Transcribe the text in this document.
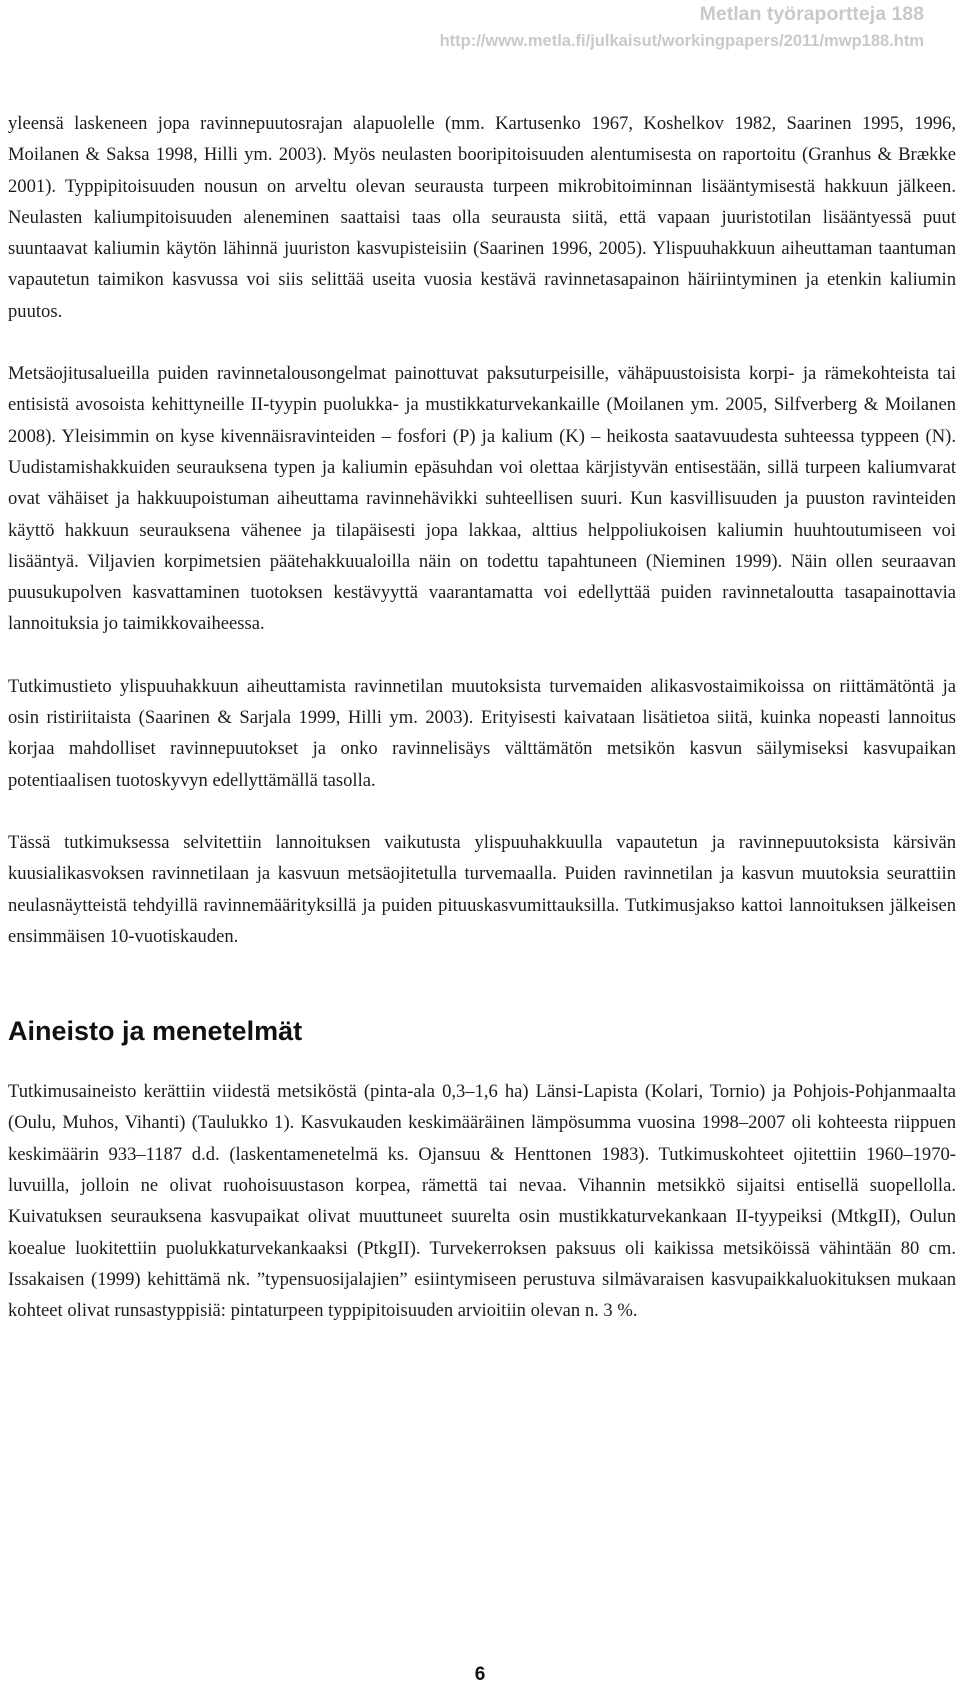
Metlan työraportteja 188
http://www.metla.fi/julkaisut/workingpapers/2011/mwp188.htm

yleensä laskeneen jopa ravinnepuutosrajan alapuolelle (mm. Kartusenko 1967, Koshelkov 1982, Saarinen 1995, 1996, Moilanen & Saksa 1998, Hilli ym. 2003). Myös neulasten booripitoisuuden alentumisesta on raportoitu (Granhus & Brække 2001). Typpipitoisuuden nousun on arveltu olevan seurausta turpeen mikrobitoiminnan lisääntymisestä hakkuun jälkeen. Neulasten kaliumpitoisuuden aleneminen saattaisi taas olla seurausta siitä, että vapaan juuristotilan lisääntyessä puut suuntaavat kaliumin käytön lähinnä juuriston kasvupisteisiin (Saarinen 1996, 2005). Ylispuuhakkuun aiheuttaman taantuman vapautetun taimikon kasvussa voi siis selittää useita vuosia kestävä ravinnetasapainon häiriintyminen ja etenkin kaliumin puutos.

Metsäojitusalueilla puiden ravinnetalousongelmat painottuvat paksuturpeisille, vähäpuustoisista korpi- ja rämekohteista tai entisistä avosoista kehittyneille II-tyypin puolukka- ja mustikkaturvekankaille (Moilanen ym. 2005, Silfverberg & Moilanen 2008). Yleisimmin on kyse kivennäisravinteiden – fosfori (P) ja kalium (K) – heikosta saatavuudesta suhteessa typpeen (N). Uudistamishakkuiden seurauksena typen ja kaliumin epäsuhdan voi olettaa kärjistyvän entisestään, sillä turpeen kaliumvarat ovat vähäiset ja hakkuupoistuman aiheuttama ravinnehävikki suhteellisen suuri. Kun kasvillisuuden ja puuston ravinteiden käyttö hakkuun seurauksena vähenee ja tilapäisesti jopa lakkaa, alttius helppoliukoisen kaliumin huuhtoutumiseen voi lisääntyä. Viljavien korpimetsien päätehakkuualoilla näin on todettu tapahtuneen (Nieminen 1999). Näin ollen seuraavan puusukupolven kasvattaminen tuotoksen kestävyyttä vaarantamatta voi edellyttää puiden ravinnetaloutta tasapainottavia lannoituksia jo taimikkovaiheessa.

Tutkimustieto ylispuuhakkuun aiheuttamista ravinnetilan muutoksista turvemaiden alikasvostaimikoissa on riittämätöntä ja osin ristiriitaista (Saarinen & Sarjala 1999, Hilli ym. 2003). Erityisesti kaivataan lisätietoa siitä, kuinka nopeasti lannoitus korjaa mahdolliset ravinnepuutokset ja onko ravinnelisäys välttämätön metsikön kasvun säilymiseksi kasvupaikan potentiaalisen tuotoskyvyn edellyttämällä tasolla.

Tässä tutkimuksessa selvitettiin lannoituksen vaikutusta ylispuuhakkuulla vapautetun ja ravinnepuutoksista kärsivän kuusialikasvoksen ravinnetilaan ja kasvuun metsäojitetulla turvemaalla. Puiden ravinnetilan ja kasvun muutoksia seurattiin neulasnäytteistä tehdyillä ravinnemäärityksillä ja puiden pituuskasvumittauksilla. Tutkimusjakso kattoi lannoituksen jälkeisen ensimmäisen 10-vuotiskauden.

Aineisto ja menetelmät

Tutkimusaineisto kerättiin viidestä metsiköstä (pinta-ala 0,3–1,6 ha) Länsi-Lapista (Kolari, Tornio) ja Pohjois-Pohjanmaalta (Oulu, Muhos, Vihanti) (Taulukko 1). Kasvukauden keskimääräinen lämpösumma vuosina 1998–2007 oli kohteesta riippuen keskimäärin 933–1187 d.d. (laskentamenetelmä ks. Ojansuu & Henttonen 1983). Tutkimuskohteet ojitettiin 1960–1970-luvuilla, jolloin ne olivat ruohoisuustason korpea, rämettä tai nevaa. Vihannin metsikkö sijaitsi entisellä suopellolla. Kuivatuksen seurauksena kasvupaikat olivat muuttuneet suurelta osin mustikkaturvekankaan II-tyypeiksi (MtkgII), Oulun koealue luokitettiin puolukkaturvekankaaksi (PtkgII). Turvekerroksen paksuus oli kaikissa metsiköissä vähintään 80 cm. Issakaisen (1999) kehittämä nk. ”typensuosijalajien” esiintymiseen perustuva silmävaraisen kasvupaikkaluokituksen mukaan kohteet olivat runsastyppisiä: pintaturpeen typpipitoisuuden arvioitiin olevan n. 3 %.

6
